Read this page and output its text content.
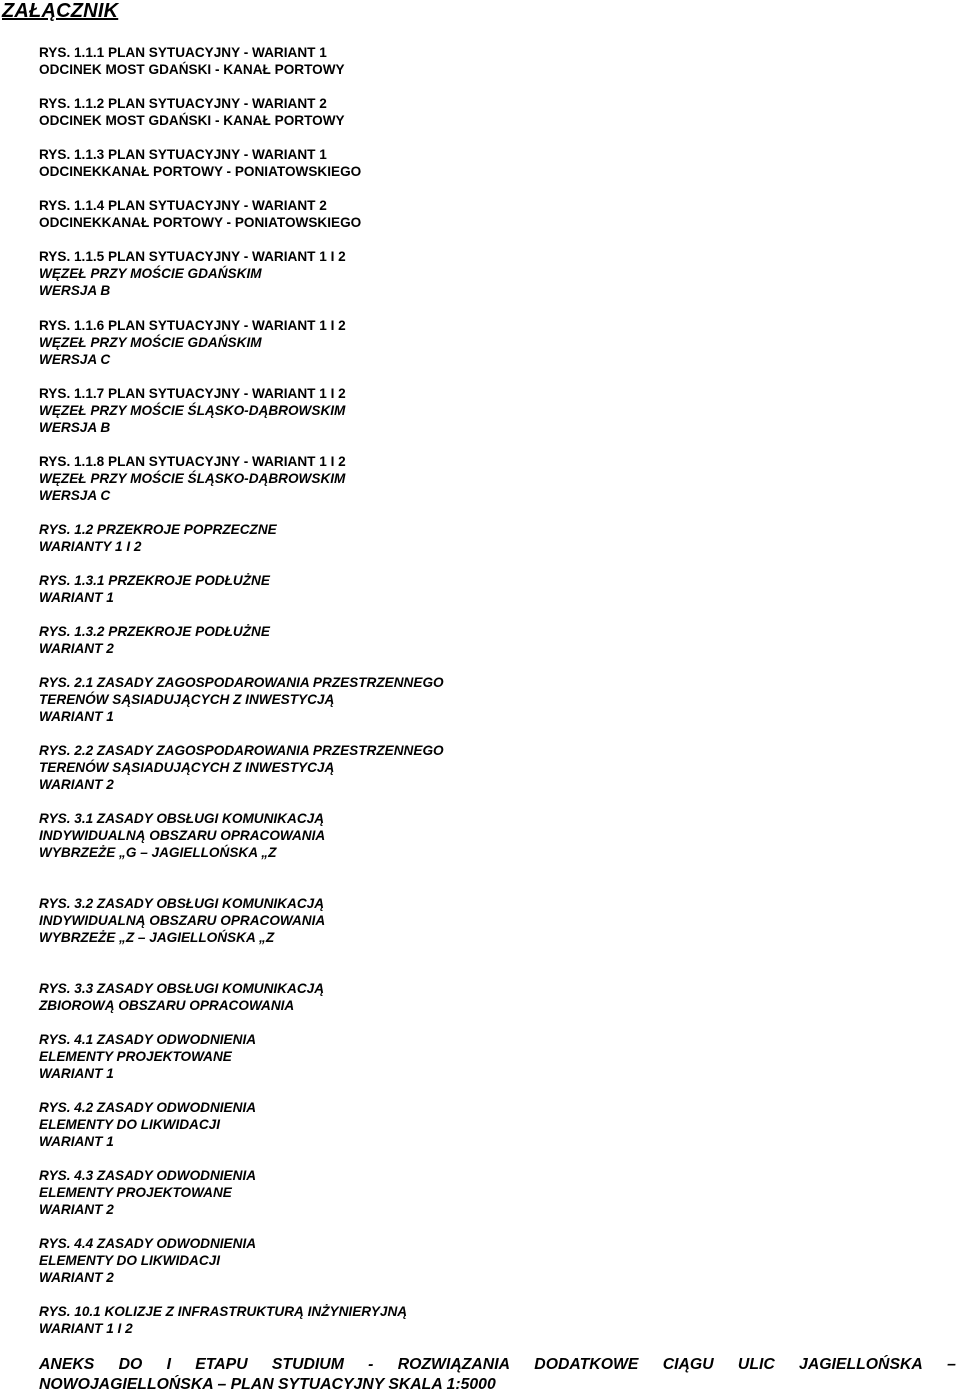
ZAŁĄCZNIK
RYS. 1.1.1 PLAN SYTUACYJNY - WARIANT 1
ODCINEK MOST GDAŃSKI - KANAŁ PORTOWY
RYS. 1.1.2 PLAN SYTUACYJNY - WARIANT 2
ODCINEK MOST GDAŃSKI - KANAŁ PORTOWY
RYS. 1.1.3 PLAN SYTUACYJNY - WARIANT 1
ODCINEKKANAŁ PORTOWY - PONIATOWSKIEGO
RYS. 1.1.4 PLAN SYTUACYJNY - WARIANT 2
ODCINEKKANAŁ PORTOWY - PONIATOWSKIEGO
RYS. 1.1.5 PLAN SYTUACYJNY - WARIANT 1 I 2
WĘZEŁ PRZY MOŚCIE GDAŃSKIM
WERSJA B
RYS. 1.1.6 PLAN SYTUACYJNY - WARIANT 1 I 2
WĘZEŁ PRZY MOŚCIE GDAŃSKIM
WERSJA C
RYS. 1.1.7 PLAN SYTUACYJNY - WARIANT 1 I 2
WĘZEŁ PRZY MOŚCIE ŚLĄSKO-DĄBROWSKIM
WERSJA B
RYS. 1.1.8 PLAN SYTUACYJNY - WARIANT 1 I 2
WĘZEŁ PRZY MOŚCIE ŚLĄSKO-DĄBROWSKIM
WERSJA C
RYS. 1.2 PRZEKROJE POPRZECZNE
WARIANTY 1 I 2
RYS. 1.3.1 PRZEKROJE PODŁUŻNE
WARIANT 1
RYS. 1.3.2 PRZEKROJE PODŁUŻNE
WARIANT 2
RYS. 2.1 ZASADY ZAGOSPODAROWANIA PRZESTRZENNEGO
TERENÓW SĄSIADUJĄCYCH Z INWESTYCJĄ
WARIANT 1
RYS. 2.2 ZASADY ZAGOSPODAROWANIA PRZESTRZENNEGO
TERENÓW SĄSIADUJĄCYCH Z INWESTYCJĄ
WARIANT 2
RYS. 3.1 ZASADY OBSŁUGI KOMUNIKACJĄ
INDYWIDUALNĄ OBSZARU OPRACOWANIA
WYBRZEŻE „G – JAGIELLOŃSKA „Z
RYS. 3.2 ZASADY OBSŁUGI KOMUNIKACJĄ
INDYWIDUALNĄ OBSZARU OPRACOWANIA
WYBRZEŻE „Z – JAGIELLOŃSKA „Z
RYS. 3.3 ZASADY OBSŁUGI KOMUNIKACJĄ
ZBIOROWĄ OBSZARU OPRACOWANIA
RYS. 4.1 ZASADY ODWODNIENIA
ELEMENTY PROJEKTOWANE
WARIANT 1
RYS. 4.2 ZASADY ODWODNIENIA
ELEMENTY DO LIKWIDACJI
WARIANT 1
RYS. 4.3 ZASADY ODWODNIENIA
ELEMENTY PROJEKTOWANE
WARIANT 2
RYS. 4.4 ZASADY ODWODNIENIA
ELEMENTY DO LIKWIDACJI
WARIANT 2
RYS. 10.1 KOLIZJE Z INFRASTRUKTURĄ INŻYNIERYJNĄ
WARIANT 1 I 2
ANEKS DO I ETAPU STUDIUM - ROZWIĄZANIA DODATKOWE CIĄGU ULIC JAGIELLOŃSKA –
NOWOJAGIELLOŃSKA – PLAN SYTUACYJNY SKALA 1:5000
